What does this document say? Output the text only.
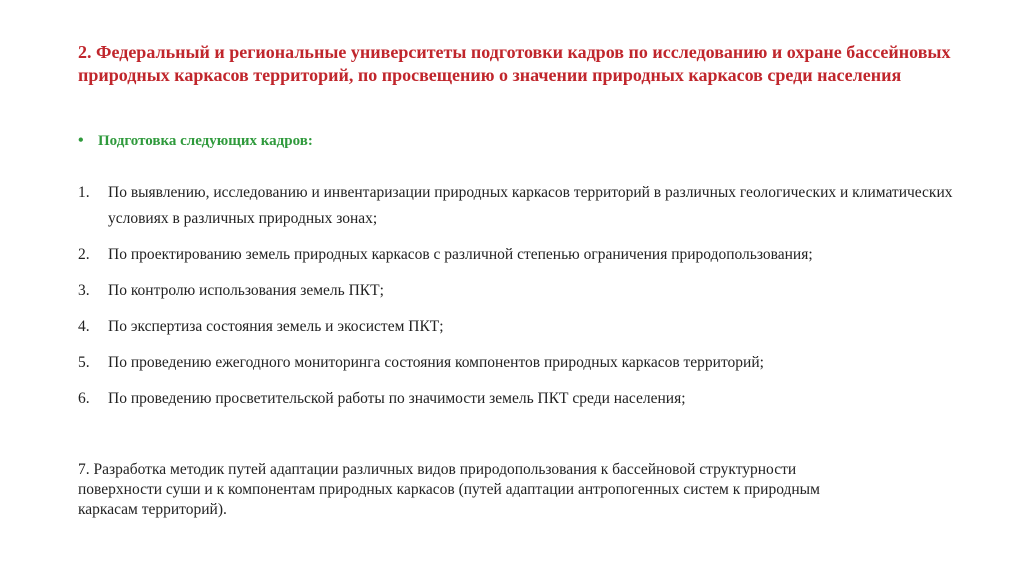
2. Федеральный и региональные университеты подготовки кадров по исследованию и охране бассейновых природных каркасов территорий, по просвещению о значении природных каркасов среди населения

• Подготовка следующих кадров:
1.	По выявлению, исследованию и инвентаризации природных каркасов территорий в различных геологических и климатических условиях в различных природных зонах;
2.	По проектированию земель природных каркасов с различной степенью ограничения природопользования;
3.	По контролю использования земель ПКТ;
4.	По экспертиза состояния земель и экосистем ПКТ;
5.	По проведению ежегодного мониторинга состояния компонентов природных каркасов территорий;
6.	По проведению просветительской работы по значимости земель ПКТ среди населения;

7. Разработка методик путей адаптации различных видов природопользования к бассейновой структурности поверхности суши и к компонентам природных каркасов (путей адаптации антропогенных систем к природным каркасам территорий).
